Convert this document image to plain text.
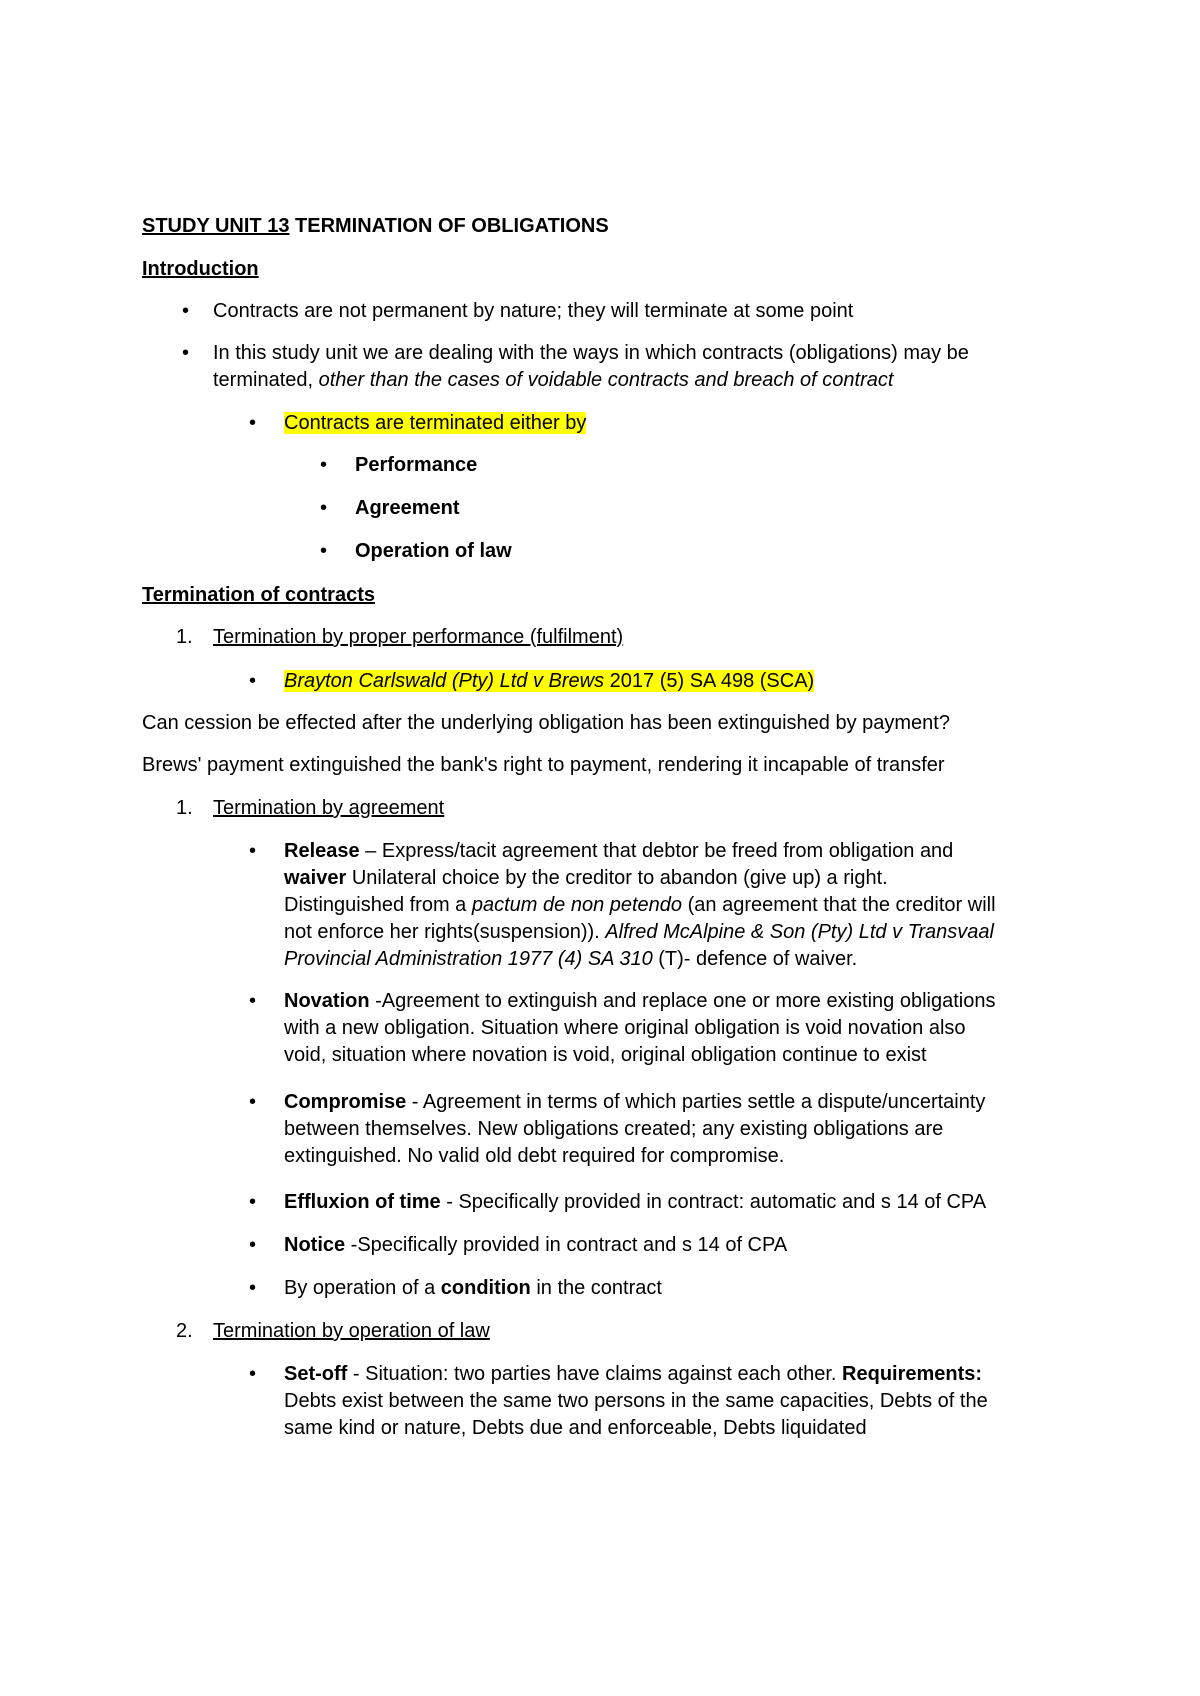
STUDY UNIT 13 TERMINATION OF OBLIGATIONS
Introduction
•	Contracts are not permanent by nature; they will terminate at some point
•	In this study unit we are dealing with the ways in which contracts (obligations) may be
terminated, other than the cases of voidable contracts and breach of contract
•	Contracts are terminated either by
•	Performance
•	Agreement
•	Operation of law
Termination of contracts
1. Termination by proper performance (fulfilment)
•	Brayton Carlswald (Pty) Ltd v Brews 2017 (5) SA 498 (SCA)
Can cession be effected after the underlying obligation has been extinguished by payment?
Brews' payment extinguished the bank's right to payment, rendering it incapable of transfer
1. Termination by agreement
•	Release – Express/tacit agreement that debtor be freed from obligation and
waiver Unilateral choice by the creditor to abandon (give up) a right.
Distinguished from a pactum de non petendo (an agreement that the creditor will
not enforce her rights(suspension)). Alfred McAlpine & Son (Pty) Ltd v Transvaal
Provincial Administration 1977 (4) SA 310 (T)- defence of waiver.
•	Novation -Agreement to extinguish and replace one or more existing obligations
with a new obligation. Situation where original obligation is void novation also
void, situation where novation is void, original obligation continue to exist
•	Compromise - Agreement in terms of which parties settle a dispute/uncertainty
between themselves. New obligations created; any existing obligations are
extinguished. No valid old debt required for compromise.
•	Effluxion of time - Specifically provided in contract: automatic and s 14 of CPA
•	Notice -Specifically provided in contract and s 14 of CPA
•	By operation of a condition in the contract
2. Termination by operation of law
•	Set-off - Situation: two parties have claims against each other. Requirements:
Debts exist between the same two persons in the same capacities, Debts of the
same kind or nature, Debts due and enforceable, Debts liquidated
